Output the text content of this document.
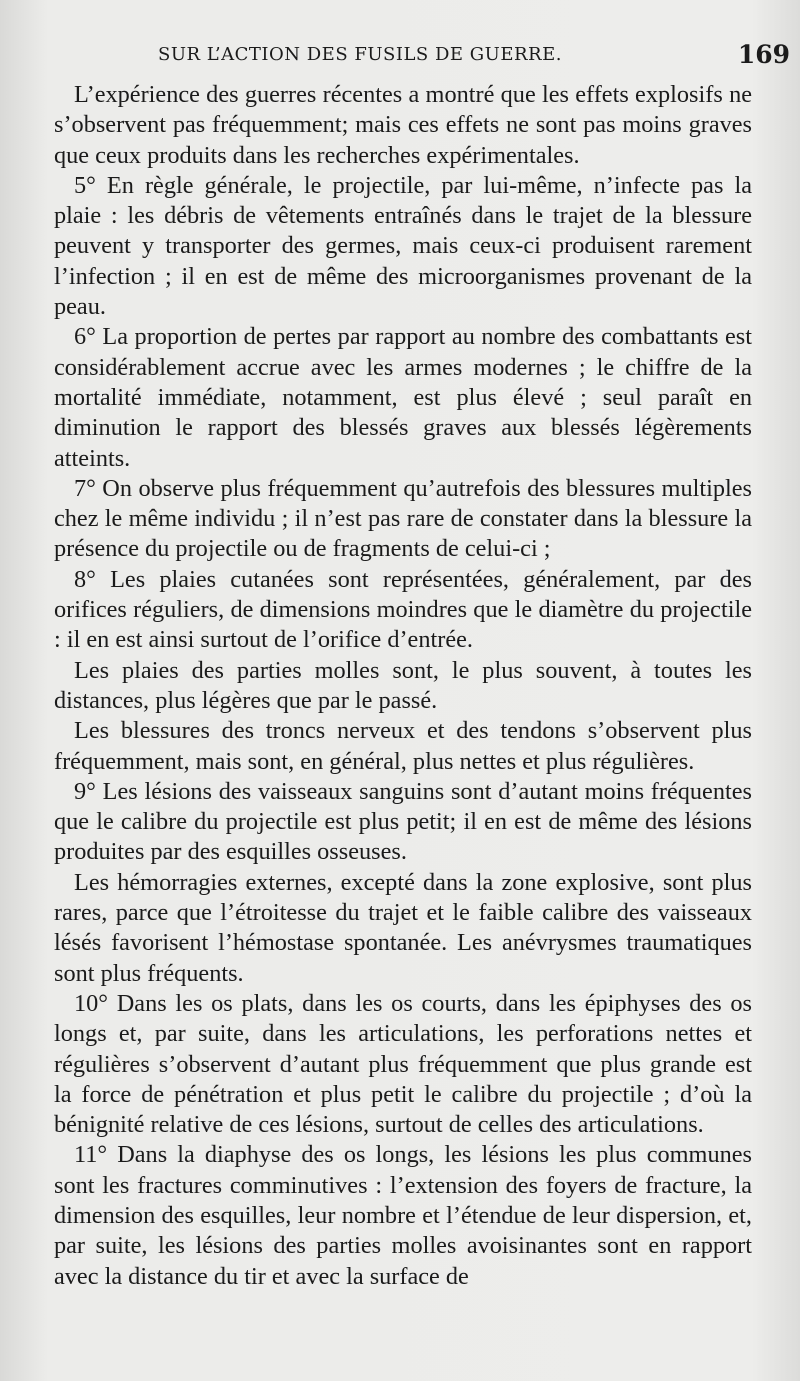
SUR L’ACTION DES FUSILS DE GUERRE.	169

L’expérience des guerres récentes a montré que les effets explosifs ne s’observent pas fréquemment; mais ces effets ne sont pas moins graves que ceux produits dans les recherches expérimentales.

5° En règle générale, le projectile, par lui-même, n’infecte pas la plaie : les débris de vêtements entraînés dans le trajet de la blessure peuvent y transporter des germes, mais ceux-ci produisent rarement l’infection ; il en est de même des microorganismes provenant de la peau.

6° La proportion de pertes par rapport au nombre des combattants est considérablement accrue avec les armes modernes ; le chiffre de la mortalité immédiate, notamment, est plus élevé ; seul paraît en diminution le rapport des blessés graves aux blessés légèrements atteints.

7° On observe plus fréquemment qu’autrefois des blessures multiples chez le même individu ; il n’est pas rare de constater dans la blessure la présence du projectile ou de fragments de celui-ci ;

8° Les plaies cutanées sont représentées, généralement, par des orifices réguliers, de dimensions moindres que le diamètre du projectile : il en est ainsi surtout de l’orifice d’entrée.

Les plaies des parties molles sont, le plus souvent, à toutes les distances, plus légères que par le passé.

Les blessures des troncs nerveux et des tendons s’observent plus fréquemment, mais sont, en général, plus nettes et plus régulières.

9° Les lésions des vaisseaux sanguins sont d’autant moins fréquentes que le calibre du projectile est plus petit; il en est de même des lésions produites par des esquilles osseuses.

Les hémorragies externes, excepté dans la zone explosive, sont plus rares, parce que l’étroitesse du trajet et le faible calibre des vaisseaux lésés favorisent l’hémostase spontanée. Les anévrysmes traumatiques sont plus fréquents.

10° Dans les os plats, dans les os courts, dans les épiphyses des os longs et, par suite, dans les articulations, les perforations nettes et régulières s’observent d’autant plus fréquemment que plus grande est la force de pénétration et plus petit le calibre du projectile ; d’où la bénignité relative de ces lésions, surtout de celles des articulations.

11° Dans la diaphyse des os longs, les lésions les plus communes sont les fractures comminutives : l’extension des foyers de fracture, la dimension des esquilles, leur nombre et l’étendue de leur dispersion, et, par suite, les lésions des parties molles avoisinantes sont en rapport avec la distance du tir et avec la surface de
